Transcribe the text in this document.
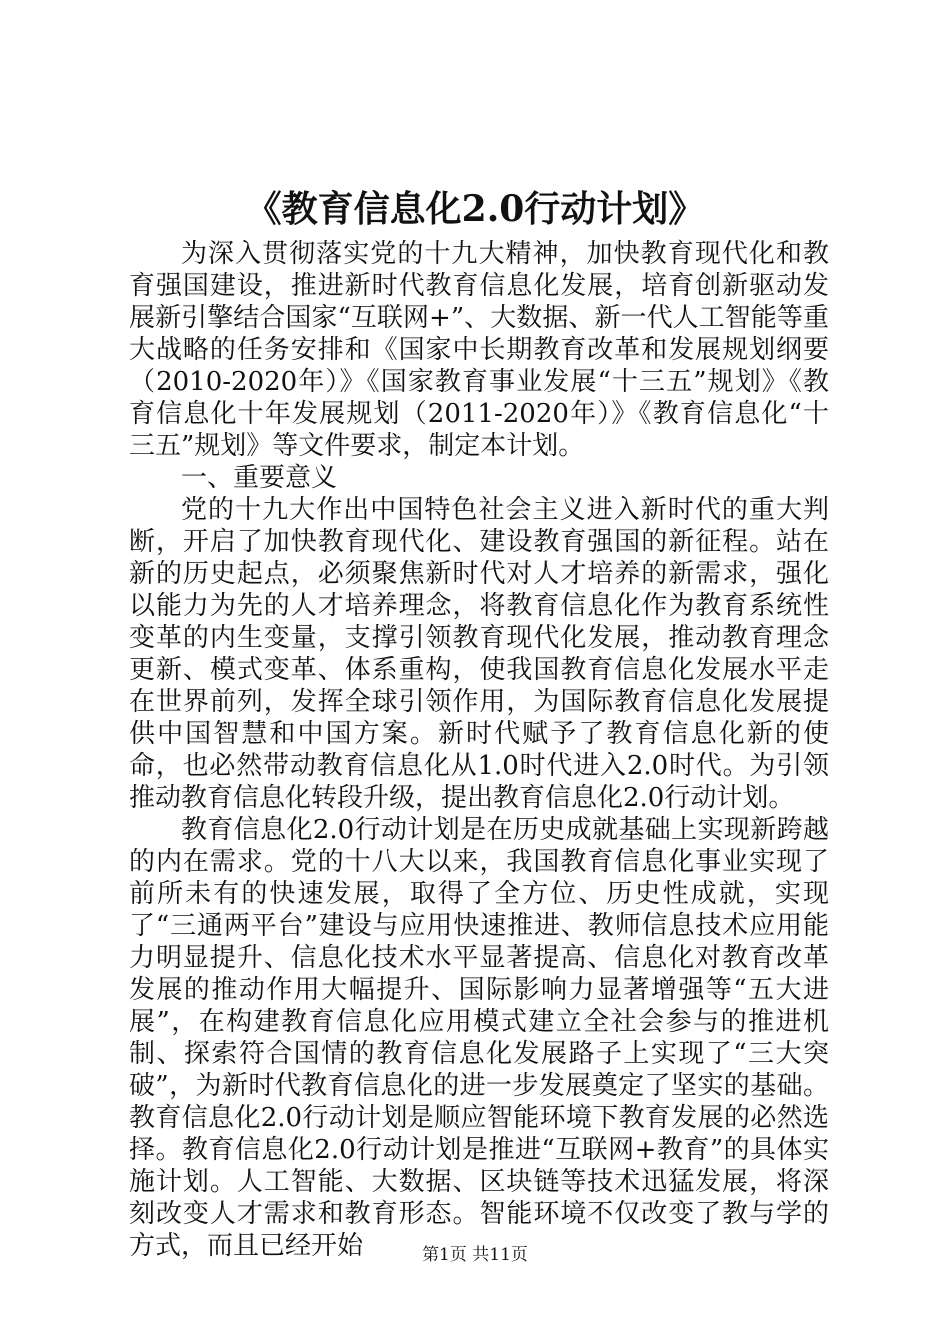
《教育信息化2.0行动计划》

为深入贯彻落实党的十九大精神，加快教育现代化和教育强国建设，推进新时代教育信息化发展，培育创新驱动发展新引擎结合国家“互联网+”、大数据、新一代人工智能等重大战略的任务安排和《国家中长期教育改革和发展规划纲要（2010-2020年）》《国家教育事业发展“十三五”规划》《教育信息化十年发展规划（2011-2020年）》《教育信息化“十三五”规划》等文件要求，制定本计划。

一、重要意义

党的十九大作出中国特色社会主义进入新时代的重大判断，开启了加快教育现代化、建设教育强国的新征程。站在新的历史起点，必须聚焦新时代对人才培养的新需求，强化以能力为先的人才培养理念，将教育信息化作为教育系统性变革的内生变量，支撑引领教育现代化发展，推动教育理念更新、模式变革、体系重构，使我国教育信息化发展水平走在世界前列，发挥全球引领作用，为国际教育信息化发展提供中国智慧和中国方案。新时代赋予了教育信息化新的使命，也必然带动教育信息化从1.0时代进入2.0时代。为引领推动教育信息化转段升级，提出教育信息化2.0行动计划。

教育信息化2.0行动计划是在历史成就基础上实现新跨越的内在需求。党的十八大以来，我国教育信息化事业实现了前所未有的快速发展，取得了全方位、历史性成就，实现了“三通两平台”建设与应用快速推进、教师信息技术应用能力明显提升、信息化技术水平显著提高、信息化对教育改革发展的推动作用大幅提升、国际影响力显著增强等“五大进展”，在构建教育信息化应用模式建立全社会参与的推进机制、探索符合国情的教育信息化发展路子上实现了“三大突破”，为新时代教育信息化的进一步发展奠定了坚实的基础。教育信息化2.0行动计划是顺应智能环境下教育发展的必然选择。教育信息化2.0行动计划是推进“互联网+教育”的具体实施计划。人工智能、大数据、区块链等技术迅猛发展，将深刻改变人才需求和教育形态。智能环境不仅改变了教与学的方式，而且已经开始	第1页 共11页
